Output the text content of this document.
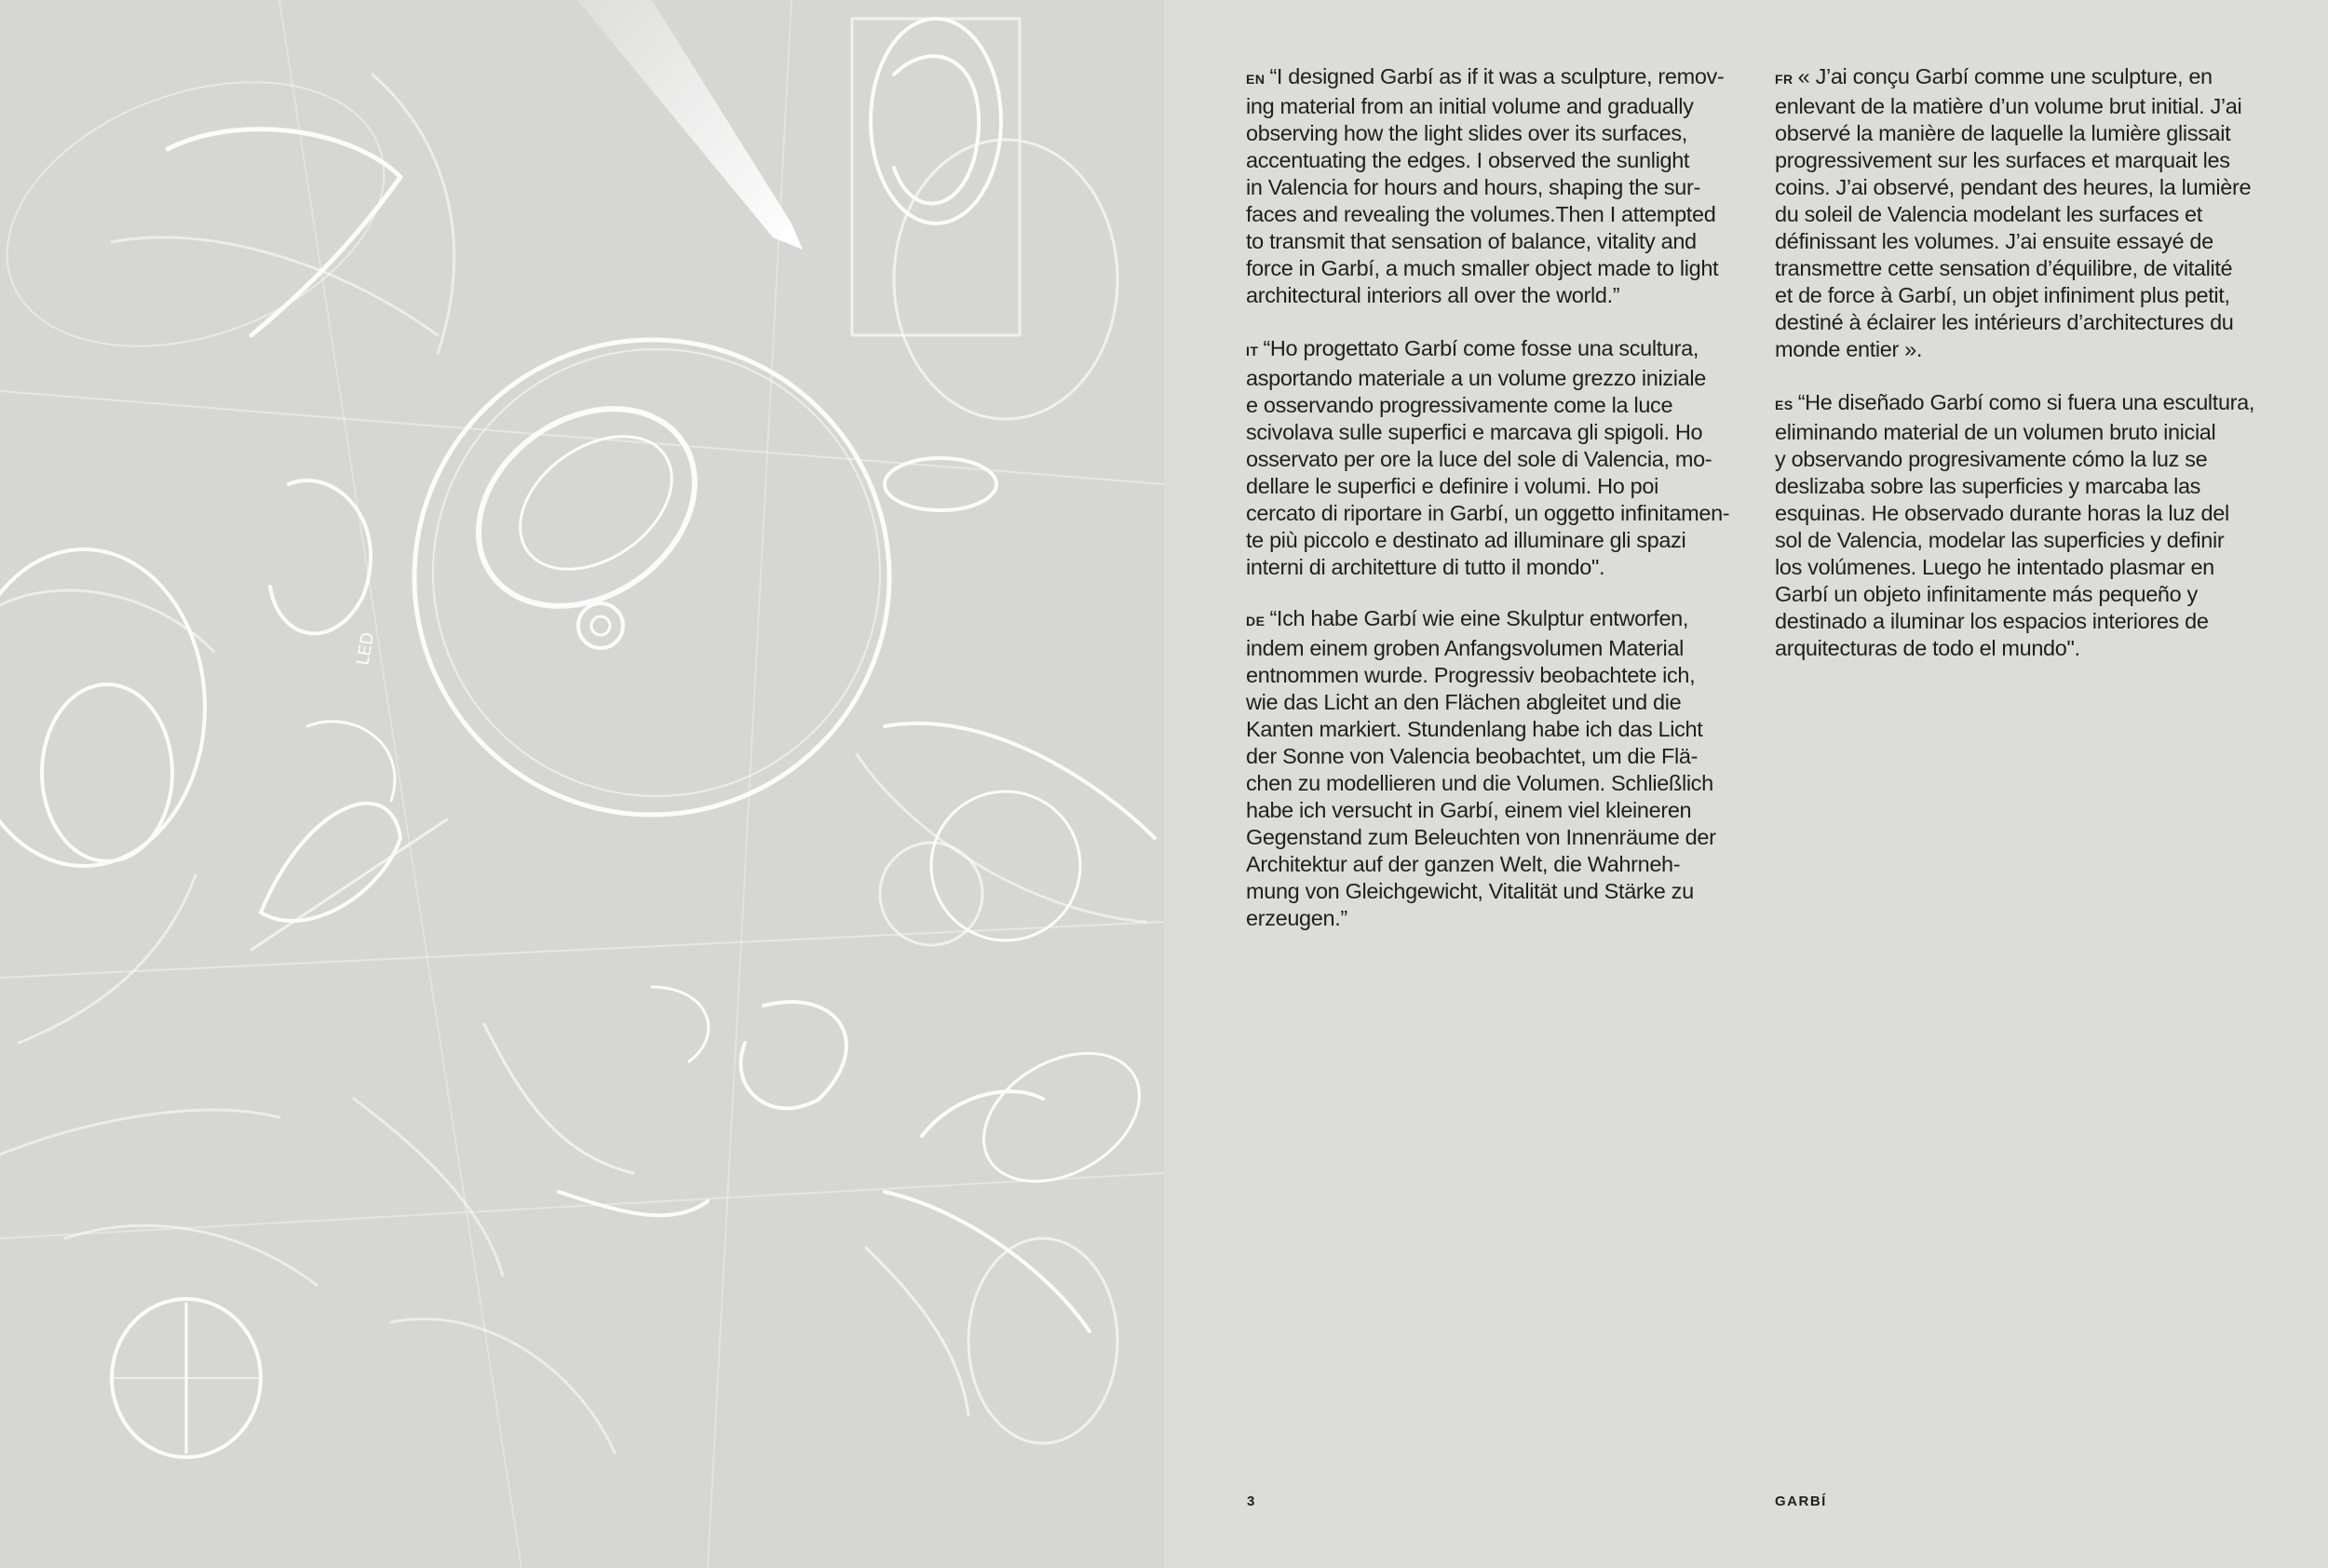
LED

EN “I designed Garbí as if it was a sculpture, remov-
ing material from an initial volume and gradually
observing how the light slides over its surfaces,
accentuating the edges. I observed the sunlight
in Valencia for hours and hours, shaping the sur-
faces and revealing the volumes.Then I attempted
to transmit that sensation of balance, vitality and
force in Garbí, a much smaller object made to light
architectural interiors all over the world.”

IT “Ho progettato Garbí come fosse una scultura,
asportando materiale a un volume grezzo iniziale
e osservando progressivamente come la luce
scivolava sulle superfici e marcava gli spigoli. Ho
osservato per ore la luce del sole di Valencia, mo-
dellare le superfici e definire i volumi. Ho poi
cercato di riportare in Garbí, un oggetto infinitamen-
te più piccolo e destinato ad illuminare gli spazi
interni di architetture di tutto il mondo".

DE “Ich habe Garbí wie eine Skulptur entworfen,
indem einem groben Anfangsvolumen Material
entnommen wurde. Progressiv beobachtete ich,
wie das Licht an den Flächen abgleitet und die
Kanten markiert. Stundenlang habe ich das Licht
der Sonne von Valencia beobachtet, um die Flä-
chen zu modellieren und die Volumen. Schließlich
habe ich versucht in Garbí, einem viel kleineren
Gegenstand zum Beleuchten von Innenräume der
Architektur auf der ganzen Welt, die Wahrneh-
mung von Gleichgewicht, Vitalität und Stärke zu
erzeugen.”

FR « J’ai conçu Garbí comme une sculpture, en
enlevant de la matière d’un volume brut initial. J’ai
observé la manière de laquelle la lumière glissait
progressivement sur les surfaces et marquait les
coins. J’ai observé, pendant des heures, la lumière
du soleil de Valencia modelant les surfaces et
définissant les volumes. J’ai ensuite essayé de
transmettre cette sensation d’équilibre, de vitalité
et de force à Garbí, un objet infiniment plus petit,
destiné à éclairer les intérieurs d’architectures du
monde entier ».

ES “He diseñado Garbí como si fuera una escultura,
eliminando material de un volumen bruto inicial
y observando progresivamente cómo la luz se
deslizaba sobre las superficies y marcaba las
esquinas. He observado durante horas la luz del
sol de Valencia, modelar las superficies y definir
los volúmenes. Luego he intentado plasmar en
Garbí un objeto infinitamente más pequeño y
destinado a iluminar los espacios interiores de
arquitecturas de todo el mundo".

3	GARBÍ
